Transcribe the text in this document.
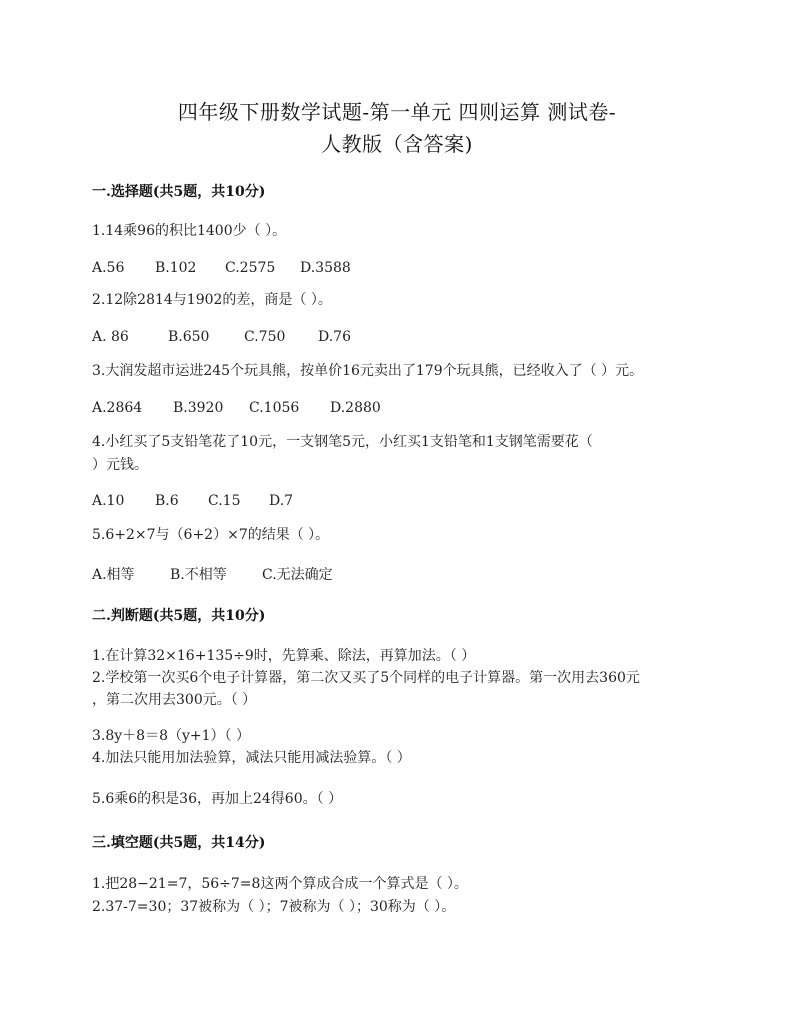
四年级下册数学试题-第一单元 四则运算 测试卷-
人教版（含答案)
一.选择题(共5题，共10分)
1.14乘96的积比1400少（ ）。
A.56 B.102 C.2575 D.3588
2.12除2814与1902的差，商是（ ）。
A. 86	B.650 C.750 D.76
3.大润发超市运进245个玩具熊，按单价16元卖出了179个玩具熊，已经收入了（ ）元。
A.2864 B.3920 C.1056 D.2880
4.小红买了5支铅笔花了10元，一支钢笔5元，小红买1支铅笔和1支钢笔需要花（
）元钱。
A.10 B.6 C.15 D.7
5.6+2×7与（6+2）×7的结果（ ）。
A.相等	B.不相等	C.无法确定
二.判断题(共5题，共10分)
1.在计算32×16+135÷9时，先算乘、除法，再算加法。（ ）
2.学校第一次买6个电子计算器，第二次又买了5个同样的电子计算器。第一次用去360元
，第二次用去300元。（ ）
3.8y＋8＝8（y+1）（ ）
4.加法只能用加法验算，减法只能用减法验算。（ ）
5.6乘6的积是36，再加上24得60。（ ）
三.填空题(共5题，共14分)
1.把28−21=7，56÷7=8这两个算成合成一个算式是（ ）。
2.37-7=30；37被称为（ ）；7被称为（ ）；30称为（ ）。
